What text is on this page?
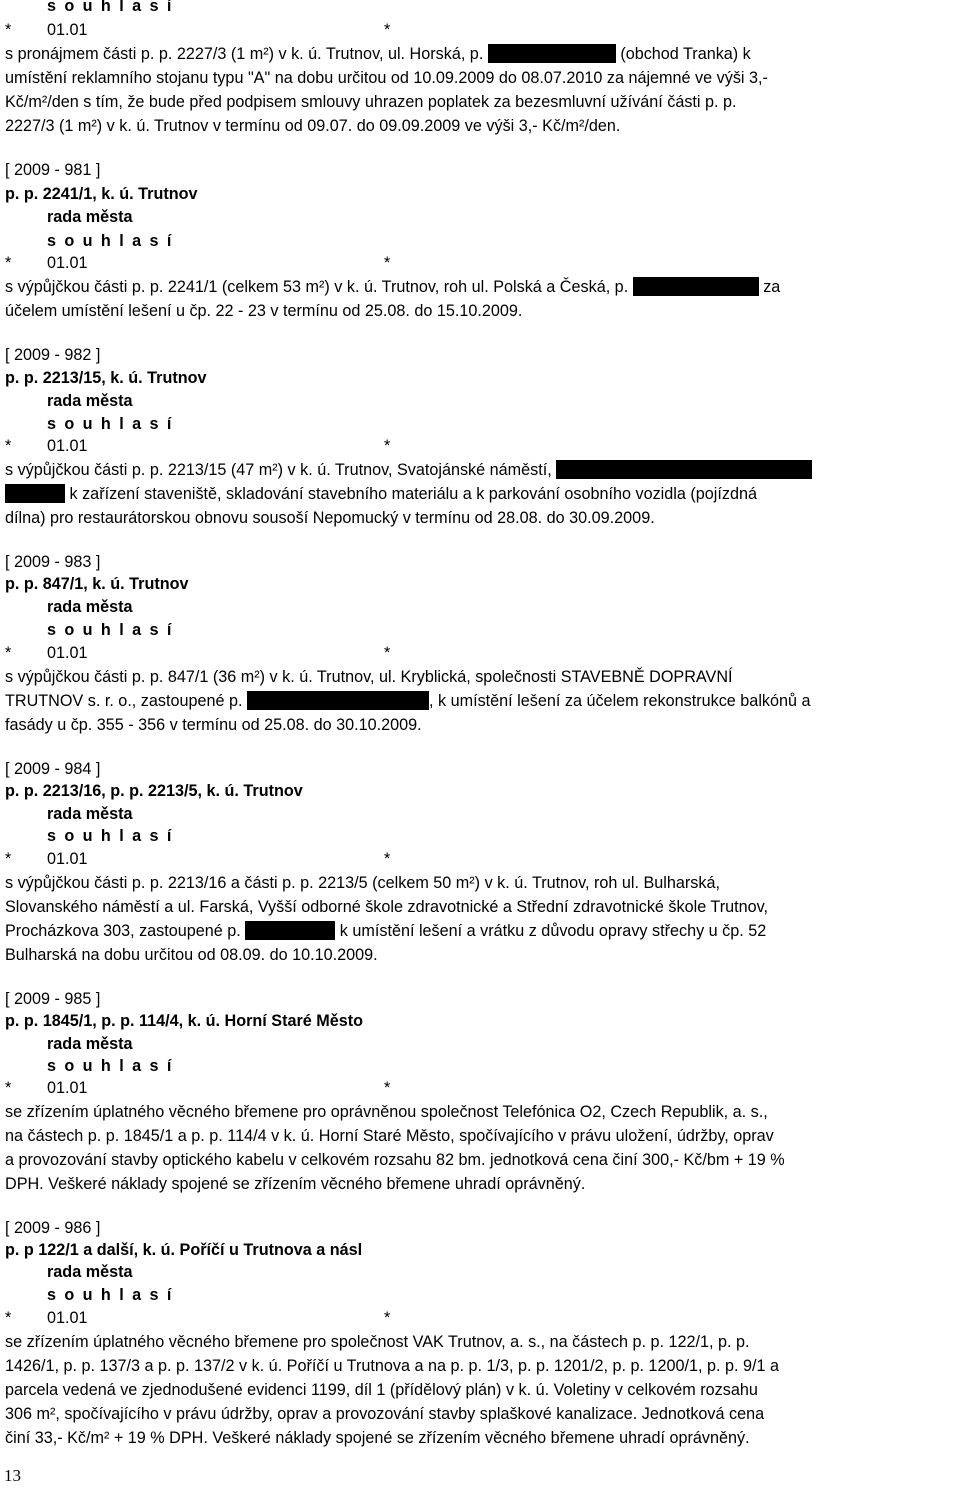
s o u h l a s í
* 01.01	*
s pronájmem části p. p. 2227/3 (1 m²) v k. ú. Trutnov, ul. Horská, p.	(obchod Tranka) k
umístění reklamního stojanu typu "A" na dobu určitou od 10.09.2009 do 08.07.2010 za nájemné ve výši 3,-
Kč/m²/den s tím, že bude před podpisem smlouvy uhrazen poplatek za bezesmluvní užívání části p. p.
2227/3 (1 m²) v k. ú. Trutnov v termínu od 09.07. do 09.09.2009 ve výši 3,- Kč/m²/den.
[ 2009 - 981 ]
p. p. 2241/1, k. ú. Trutnov
rada města
s o u h l a s í
* 01.01	*
s výpůjčkou části p. p. 2241/1 (celkem 53 m²) v k. ú. Trutnov, roh ul. Polská a Česká, p.	za
účelem umístění lešení u čp. 22 - 23 v termínu od 25.08. do 15.10.2009.
[ 2009 - 982 ]
p. p. 2213/15, k. ú. Trutnov
rada města
s o u h l a s í
* 01.01	*
s výpůjčkou části p. p. 2213/15 (47 m²) v k. ú. Trutnov, Svatojánské náměstí,
k zařízení staveniště, skladování stavebního materiálu a k parkování osobního vozidla (pojízdná
dílna) pro restaurátorskou obnovu sousoší Nepomucký v termínu od 28.08. do 30.09.2009.
[ 2009 - 983 ]
p. p. 847/1, k. ú. Trutnov
rada města
s o u h l a s í
* 01.01	*
s výpůjčkou části p. p. 847/1 (36 m²) v k. ú. Trutnov, ul. Kryblická, společnosti STAVEBNĚ DOPRAVNÍ
TRUTNOV s. r. o., zastoupené p.	, k umístění lešení za účelem rekonstrukce balkónů a
fasády u čp. 355 - 356 v termínu od 25.08. do 30.10.2009.
[ 2009 - 984 ]
p. p. 2213/16, p. p. 2213/5, k. ú. Trutnov
rada města
s o u h l a s í
* 01.01	*
s výpůjčkou části p. p. 2213/16 a části p. p. 2213/5 (celkem 50 m²) v k. ú. Trutnov, roh ul. Bulharská,
Slovanského náměstí a ul. Farská, Vyšší odborné škole zdravotnické a Střední zdravotnické škole Trutnov,
Procházkova 303, zastoupené p.	k umístění lešení a vrátku z důvodu opravy střechy u čp. 52
Bulharská na dobu určitou od 08.09. do 10.10.2009.
[ 2009 - 985 ]
p. p. 1845/1, p. p. 114/4, k. ú. Horní Staré Město
rada města
s o u h l a s í
* 01.01	*
se zřízením úplatného věcného břemene pro oprávněnou společnost Telefónica O2, Czech Republik, a. s.,
na částech p. p. 1845/1 a p. p. 114/4 v k. ú. Horní Staré Město, spočívajícího v právu uložení, údržby, oprav
a provozování stavby optického kabelu v celkovém rozsahu 82 bm. jednotková cena činí 300,- Kč/bm + 19 %
DPH. Veškeré náklady spojené se zřízením věcného břemene uhradí oprávněný.
[ 2009 - 986 ]
p. p 122/1 a další, k. ú. Poříčí u Trutnova a násl
rada města
s o u h l a s í
* 01.01	*
se zřízením úplatného věcného břemene pro společnost VAK Trutnov, a. s., na částech p. p. 122/1, p. p.
1426/1, p. p. 137/3 a p. p. 137/2 v k. ú. Poříčí u Trutnova a na p. p. 1/3, p. p. 1201/2, p. p. 1200/1, p. p. 9/1 a
parcela vedená ve zjednodušené evidenci 1199, díl 1 (přídělový plán) v k. ú. Voletiny v celkovém rozsahu
306 m², spočívajícího v právu údržby, oprav a provozování stavby splaškové kanalizace. Jednotková cena
činí 33,- Kč/m² + 19 % DPH. Veškeré náklady spojené se zřízením věcného břemene uhradí oprávněný.
13
